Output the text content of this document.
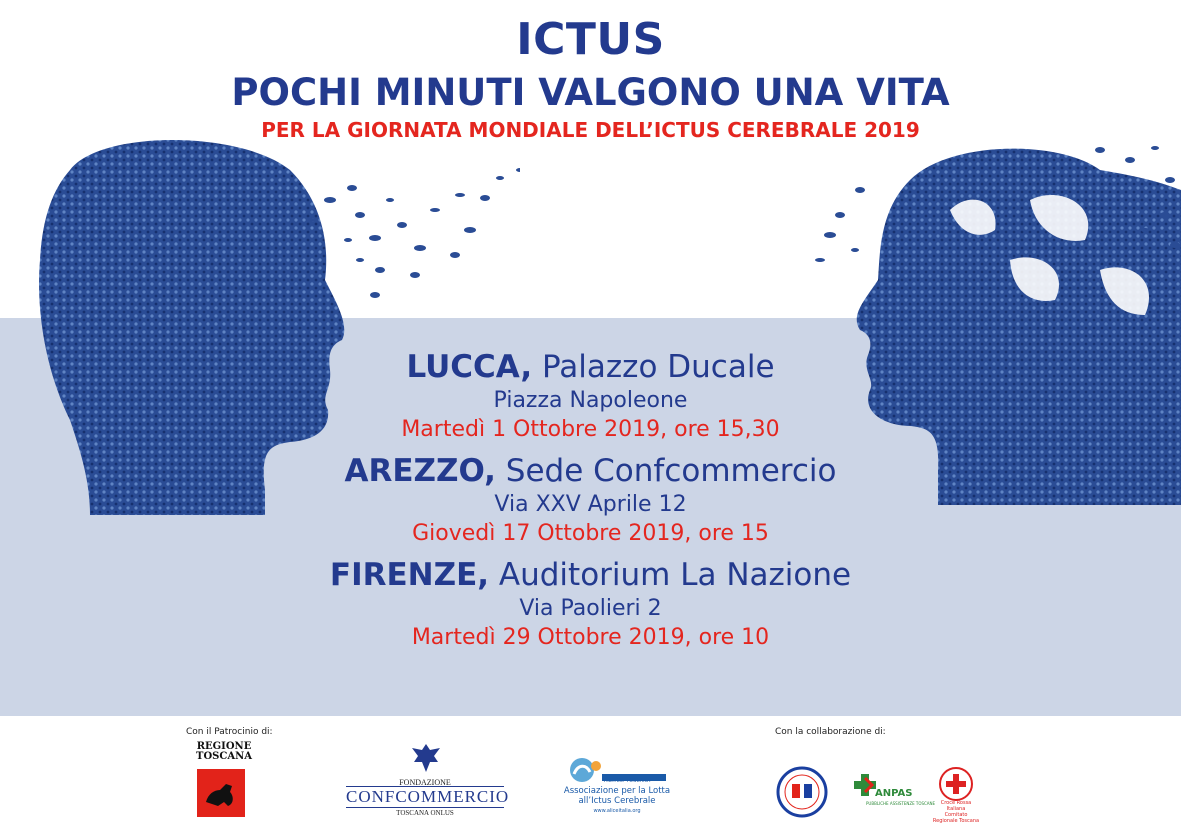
ICTUS
POCHI MINUTI VALGONO UNA VITA
PER LA GIORNATA MONDIALE DELL’ICTUS CEREBRALE 2019
LUCCA, Palazzo Ducale
Piazza Napoleone
Martedì 1 Ottobre 2019, ore 15,30
AREZZO, Sede Confcommercio
Via XXV Aprile 12
Giovedì 17 Ottobre 2019, ore 15
FIRENZE, Auditorium La Nazione
Via Paolieri 2
Martedì 29 Ottobre 2019, ore 10
Con il Patrocinio di:	Con la collaborazione di:
REGIONE TOSCANA
FONDAZIONE
CONFCOMMERCIO
TOSCANA ONLUS
A.L.I.Ce. TOSCANA
Associazione per la Lotta all’Ictus Cerebrale
www.aliceitalia.org
ANPAS
PUBBLICHE ASSISTENZE TOSCANE	Croce Rossa Italiana
Comitato Regionale Toscana
